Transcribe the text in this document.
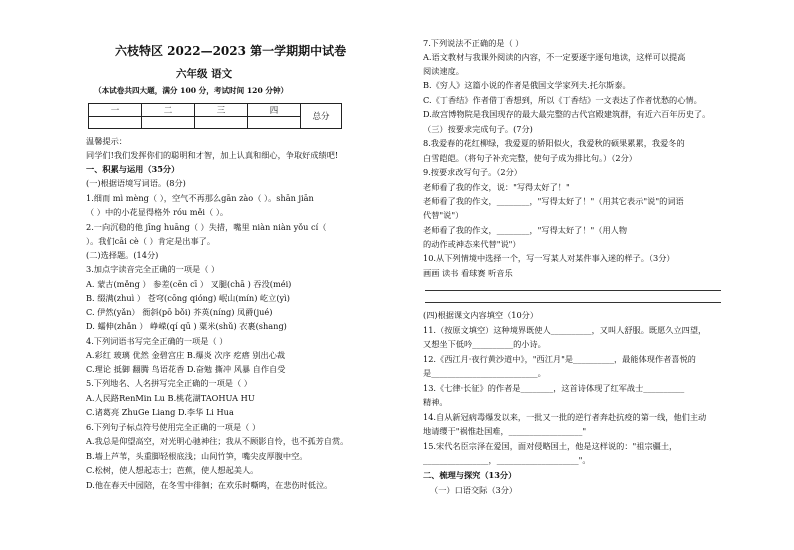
六枝特区 2022—2023 第一学期期中试卷
六年级 语文
（本试卷共四大题，满分 100 分，考试时间 120 分钟）
一	二	三	四	总分

温馨提示：
同学们!我们发挥你们的聪明和才智，加上认真和细心，争取好成绩吧!
一、积累与运用（35分）
(一)根据语境写词语。(8分)
1.细而 mì mèng（ ），空气不再那么gān zào（ ）。shān jiān
（ ）中的小花显得格外 róu měi（ ）。
2.一向沉稳的他 jīng huāng（ ）失措，嘴里 niàn niàn yǒu cí（
）。我们cāi cè（ ）肯定是出事了。
(二)选择题。(14分)
3.加点字读音完全正确的一项是（ ）
A. 蒙古(měng ） 参差(cēn cī ） 叉腿(chā ) 吞没(méi)
B. 缀满(zhuì ） 苍穹(cōng qióng) 岷山(mín) 屹立(yì)
C. 伊然(yǎn） 衙斜(pō bǒi) 芥英(níng) 凤爵(jué)
D. 蠕伸(zhǎn ） 峥嵘(qí qū ) 粟米(shǔ) 衣裹(shang)
4.下列词语书写完全正确的一项是（ ）
A.彩红 玻璃 优然 金碧宫庄 B.爆炎 次序 疙瘩 别出心裁
C.理论 抵御 翻腾 鸟语花香 D.奋勉 撕冲 风暴 自作自受
5.下列地名、人名拼写完全正确的一项是（ ）
A.人民路RenMin Lu B.桃花湖TAOHUA HU
C.诸葛亮 ZhuGe Liang D.李华 Li Hua
6.下列句子标点符号使用完全正确的一项是（ ）
A.我总是仰望高空，对光明心驰神往；我从不顾影自怜，也不孤芳自赏。
B.墙上芦苇，头重脚轻根底浅；山间竹笋，嘴尖皮厚腹中空。
C.松树，使人想起志士；芭蕉，使人想起美人。
D.他在春天中园陪，在冬雪中徘徊；在欢乐时嘶鸣，在悲伤时低泣。
7.下列说法不正确的是（ ）
A.语文教材与我课外阅读的内容，不一定要逐字逐句地读，这样可以提高
阅读速度。
B.《穷人》这篇小说的作者是俄国文学家列夫.托尔斯泰。
C.《丁香结》作者借丁香想到，所以《丁香结》一文表达了作者忧愁的心情。
D.故宫博物院是我国现存的最大最完整的古代宫殿建筑群，有近六百年历史了。
（三）按要求完成句子。(7分)
8.我爱春的花红柳绿，我爱夏的骄阳似火，我爱秋的硕果累累，我爱冬的
白雪皑皑。（将句子补充完整，使句子成为排比句。）（2分）
9.按要求改写句子。（2分）
老师看了我的作文，说："写得太好了！"
老师看了我的作文，________，"写得太好了！"（用其它表示"说"的词语
代替"说"）
老师看了我的作文，________，"写得太好了！"（用人物
的动作或神态来代替"说"）
10.从下列情境中选择一个，写一写某人对某件事入迷的样子。（3分）
画画 读书 看球赛 听音乐
(四)根据课文内容填空（10分）
11.（按原文填空）这种境界既使人__________，又叫人舒服。既愿久立四望，
又想坐下低吟__________的小诗。
12.《西江月·夜行黄沙道中》，"西江月"是__________，最能体现作者喜悦的
是__________________________。
13.《七律·长征》的作者是________，这首诗体现了红军战士__________
精神。
14.自从新冠病毒爆发以来，一批又一批的逆行者奔赴抗疫的第一线，他们主动
地请缨于"祸惟赴国难，__________________"
15.宋代名臣宗泽在爱国，面对侵略国土，他是这样说的："祖宗疆土，
________________，____________________"。
二、梳理与探究（13分）
（一）口语交际（3分）
